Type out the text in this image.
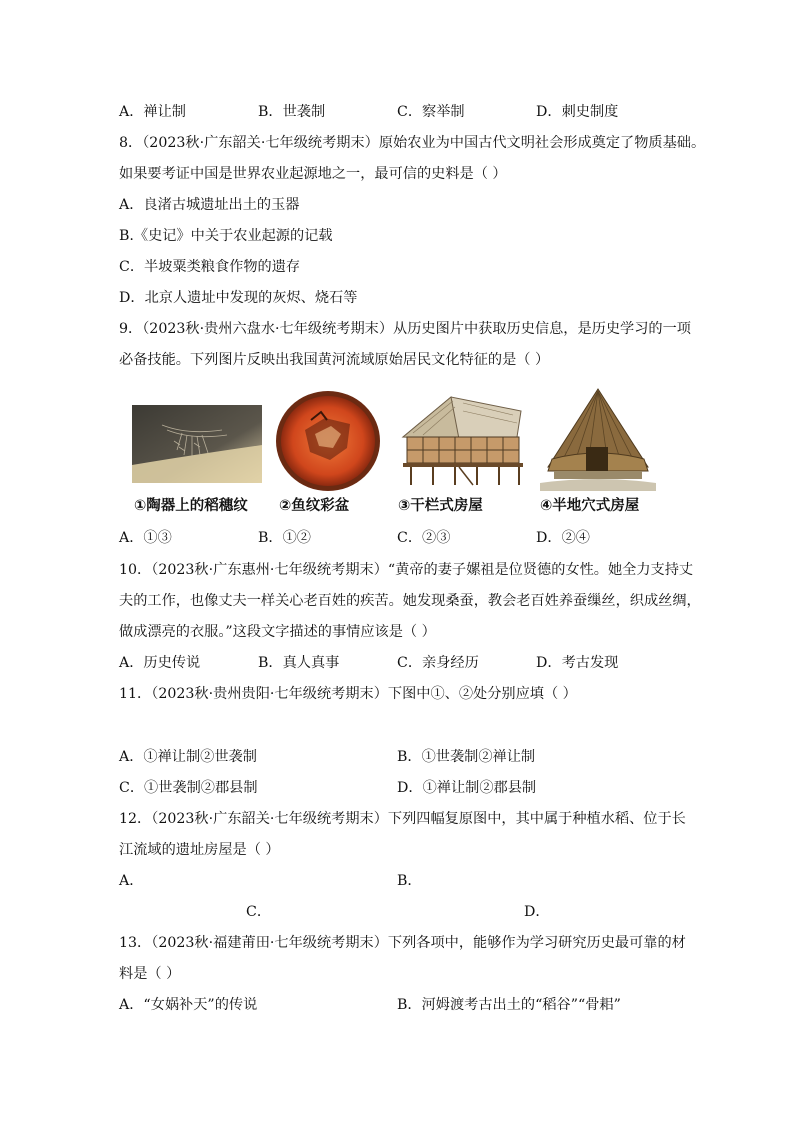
A．禅让制	B．世袭制	C．察举制	D．刺史制度
8．（2023秋·广东韶关·七年级统考期末）原始农业为中国古代文明社会形成奠定了物质基础。
如果要考证中国是世界农业起源地之一，最可信的史料是（ ）
A．良渚古城遗址出土的玉器
B.《史记》中关于农业起源的记载
C．半坡粟类粮食作物的遗存
D．北京人遗址中发现的灰烬、烧石等
9．（2023秋·贵州六盘水·七年级统考期末）从历史图片中获取历史信息，是历史学习的一项
必备技能。下列图片反映出我国黄河流域原始居民文化特征的是（ ）
①陶器上的稻穗纹 ②鱼纹彩盆	③干栏式房屋	④半地穴式房屋
A．①③	B．①②	C．②③	D．②④
10．（2023秋·广东惠州·七年级统考期末）“黄帝的妻子嫘祖是位贤德的女性。她全力支持丈
夫的工作，也像丈夫一样关心老百姓的疾苦。她发现桑蚕，教会老百姓养蚕缫丝，织成丝绸，
做成漂亮的衣服。”这段文字描述的事情应该是（ ）
A．历史传说	B．真人真事	C．亲身经历	D．考古发现
11．（2023秋·贵州贵阳·七年级统考期末）下图中①、②处分别应填（ ）
A．①禅让制②世袭制	B．①世袭制②禅让制
C．①世袭制②郡县制	D．①禅让制②郡县制
12．（2023秋·广东韶关·七年级统考期末）下列四幅复原图中，其中属于种植水稻、位于长
江流域的遗址房屋是（ ）
A．	B．
C．	D．
13．（2023秋·福建莆田·七年级统考期末）下列各项中，能够作为学习研究历史最可靠的材
料是（ ）
A．“女娲补天”的传说	B．河姆渡考古出土的“稻谷”“骨耜”
